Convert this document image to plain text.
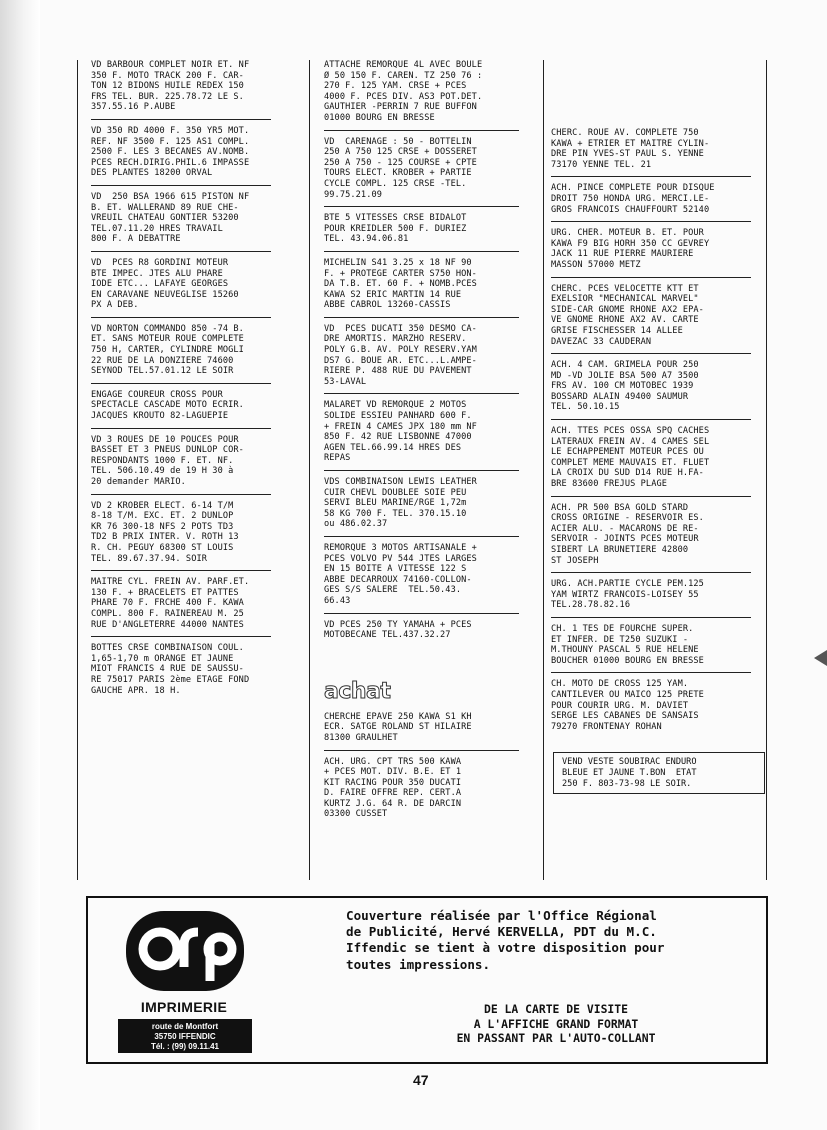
VD BARBOUR COMPLET NOIR ET. NF
350 F. MOTO TRACK 200 F. CAR-
TON 12 BIDONS HUILE REDEX 150
FRS TEL. BUR. 225.78.72 LE S.
357.55.16 P.AUBE
VD 350 RD 4000 F. 350 YR5 MOT.
REF. NF 3500 F. 125 AS1 COMPL.
2500 F. LES 3 BECANES AV.NOMB.
PCES RECH.DIRIG.PHIL.6 IMPASSE
DES PLANTES 18200 ORVAL
VD  250 BSA 1966 615 PISTON NF
B. ET. WALLERAND 89 RUE CHE-
VREUIL CHATEAU GONTIER 53200
TEL.07.11.20 HRES TRAVAIL
800 F. A DEBATTRE
VD  PCES R8 GORDINI MOTEUR
BTE IMPEC. JTES ALU PHARE
IODE ETC... LAFAYE GEORGES
EN CARAVANE NEUVEGLISE 15260
PX A DEB.
VD NORTON COMMANDO 850 -74 B.
ET. SANS MOTEUR ROUE COMPLETE
750 H, CARTER, CYLINDRE MOGLI
22 RUE DE LA DONZIERE 74600
SEYNOD TEL.57.01.12 LE SOIR
ENGAGE COUREUR CROSS POUR
SPECTACLE CASCADE MOTO ECRIR.
JACQUES KROUTO 82-LAGUEPIE
VD 3 ROUES DE 10 POUCES POUR
BASSET ET 3 PNEUS DUNLOP COR-
RESPONDANTS 1000 F. ET. NF.
TEL. 506.10.49 de 19 H 30 à
20 demander MARIO.
VD 2 KROBER ELECT. 6-14 T/M
8-18 T/M. EXC. ET. 2 DUNLOP
KR 76 300-18 NFS 2 POTS TD3
TD2 B PRIX INTER. V. ROTH 13
R. CH. PEGUY 68300 ST LOUIS
TEL. 89.67.37.94. SOIR
MAITRE CYL. FREIN AV. PARF.ET.
130 F. + BRACELETS ET PATTES
PHARE 70 F. FRCHE 400 F. KAWA
COMPL. 800 F. RAINEREAU M. 25
RUE D'ANGLETERRE 44000 NANTES
BOTTES CRSE COMBINAISON COUL.
1,65-1,70 m ORANGE ET JAUNE
MIOT FRANCIS 4 RUE DE SAUSSU-
RE 75017 PARIS 2ème ETAGE FOND
GAUCHE APR. 18 H.
ATTACHE REMORQUE 4L AVEC BOULE
Ø 50 150 F. CAREN. TZ 250 76 :
270 F. 125 YAM. CRSE + PCES
4000 F. PCES DIV. AS3 POT.DET.
GAUTHIER -PERRIN 7 RUE BUFFON
01000 BOURG EN BRESSE
VD  CARENAGE : 50 - BOTTELIN
250 A 750 125 CRSE + DOSSERET
250 A 750 - 125 COURSE + CPTE
TOURS ELECT. KROBER + PARTIE
CYCLE COMPL. 125 CRSE -TEL.
99.75.21.09
BTE 5 VITESSES CRSE BIDALOT
POUR KREIDLER 500 F. DURIEZ
TEL. 43.94.06.81
MICHELIN S41 3.25 x 18 NF 90
F. + PROTEGE CARTER S750 HON-
DA T.B. ET. 60 F. + NOMB.PCES
KAWA S2 ERIC MARTIN 14 RUE
ABBE CABROL 13260-CASSIS
VD  PCES DUCATI 350 DESMO CA-
DRE AMORTIS. MARZHO RESERV.
POLY G.B. AV. POLY RESERV.YAM
DS7 G. BOUE AR. ETC...L.AMPE-
RIERE P. 488 RUE DU PAVEMENT
53-LAVAL
MALARET VD REMORQUE 2 MOTOS
SOLIDE ESSIEU PANHARD 600 F.
+ FREIN 4 CAMES JPX 180 mm NF
850 F. 42 RUE LISBONNE 47000
AGEN TEL.66.99.14 HRES DES
REPAS
VDS COMBINAISON LEWIS LEATHER
CUIR CHEVL DOUBLEE SOIE PEU
SERVI BLEU MARINE/RGE 1,72m
58 KG 700 F. TEL. 370.15.10
ou 486.02.37
REMORQUE 3 MOTOS ARTISANALE +
PCES VOLVO PV 544 JTES LARGES
EN 15 BOITE A VITESSE 122 S
ABBE DECARROUX 74160-COLLON-
GES S/S SALERE  TEL.50.43.
66.43
VD PCES 250 TY YAMAHA + PCES
MOTOBECANE TEL.437.32.27
achat
CHERCHE EPAVE 250 KAWA S1 KH
ECR. SATGE ROLAND ST HILAIRE
81300 GRAULHET
ACH. URG. CPT TRS 500 KAWA
+ PCES MOT. DIV. B.E. ET 1
KIT RACING POUR 350 DUCATI
D. FAIRE OFFRE REP. CERT.A
KURTZ J.G. 64 R. DE DARCIN
03300 CUSSET
CHERC. ROUE AV. COMPLETE 750
KAWA + ETRIER ET MAITRE CYLIN-
DRE PIN YVES-ST PAUL S. YENNE
73170 YENNE TEL. 21
ACH. PINCE COMPLETE POUR DISQUE
DROIT 750 HONDA URG. MERCI.LE-
GROS FRANCOIS CHAUFFOURT 52140
URG. CHER. MOTEUR B. ET. POUR
KAWA F9 BIG HORH 350 CC GEVREY
JACK 11 RUE PIERRE MAURIERE
MASSON 57000 METZ
CHERC. PCES VELOCETTE KTT ET
EXELSIOR "MECHANICAL MARVEL"
SIDE-CAR GNOME RHONE AX2 EPA-
VE GNOME RHONE AX2 AV. CARTE
GRISE FISCHESSER 14 ALLEE
DAVEZAC 33 CAUDERAN
ACH. 4 CAM. GRIMELA POUR 250
MD -VD JOLIE BSA 500 A7 3500
FRS AV. 100 CM MOTOBEC 1939
BOSSARD ALAIN 49400 SAUMUR
TEL. 50.10.15
ACH. TTES PCES OSSA SPQ CACHES
LATERAUX FREIN AV. 4 CAMES SEL
LE ECHAPPEMENT MOTEUR PCES OU
COMPLET MEME MAUVAIS ET. FLUET
LA CROIX DU SUD D14 RUE H.FA-
BRE 83600 FREJUS PLAGE
ACH. PR 500 BSA GOLD STARD
CROSS ORIGINE - RESERVOIR ES.
ACIER ALU. - MACARONS DE RE-
SERVOIR - JOINTS PCES MOTEUR
SIBERT LA BRUNETIERE 42800
ST JOSEPH
URG. ACH.PARTIE CYCLE PEM.125
YAM WIRTZ FRANCOIS-LOISEY 55
TEL.28.78.82.16
CH. 1 TES DE FOURCHE SUPER.
ET INFER. DE T250 SUZUKI -
M.THOUNY PASCAL 5 RUE HELENE
BOUCHER 01000 BOURG EN BRESSE
CH. MOTO DE CROSS 125 YAM.
CANTILEVER OU MAICO 125 PRETE
POUR COURIR URG. M. DAVIET
SERGE LES CABANES DE SANSAIS
79270 FRONTENAY ROHAN
VEND VESTE SOUBIRAC ENDURO
BLEUE ET JAUNE T.BON  ETAT
250 F. 803-73-98 LE SOIR.
IMPRIMERIE
route de Montfort
35750 IFFENDIC
Tél. : (99) 09.11.41
Couverture réalisée par l'Office Régional
de Publicité, Hervé KERVELLA, PDT du M.C.
Iffendic se tient à votre disposition pour
toutes impressions.
DE LA CARTE DE VISITE
A L'AFFICHE GRAND FORMAT
EN PASSANT PAR L'AUTO-COLLANT
47
